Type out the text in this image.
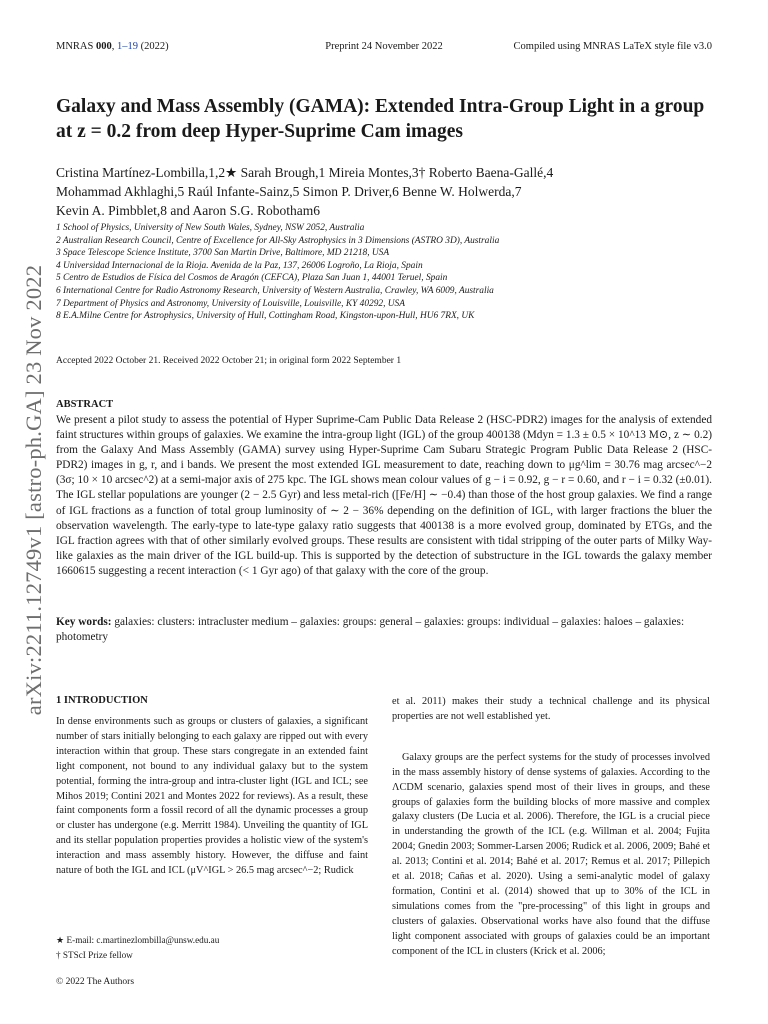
MNRAS 000, 1–19 (2022)	Preprint 24 November 2022	Compiled using MNRAS LaTeX style file v3.0
arXiv:2211.12749v1 [astro-ph.GA] 23 Nov 2022
Galaxy and Mass Assembly (GAMA): Extended Intra-Group Light in a group at z = 0.2 from deep Hyper-Suprime Cam images
Cristina Martínez-Lombilla,1,2★ Sarah Brough,1 Mireia Montes,3† Roberto Baena-Gallé,4
Mohammad Akhlaghi,5 Raúl Infante-Sainz,5 Simon P. Driver,6 Benne W. Holwerda,7
Kevin A. Pimbblet,8 and Aaron S.G. Robotham6
1 School of Physics, University of New South Wales, Sydney, NSW 2052, Australia
2 Australian Research Council, Centre of Excellence for All-Sky Astrophysics in 3 Dimensions (ASTRO 3D), Australia
3 Space Telescope Science Institute, 3700 San Martin Drive, Baltimore, MD 21218, USA
4 Universidad Internacional de la Rioja. Avenida de la Paz, 137, 26006 Logroño, La Rioja, Spain
5 Centro de Estudios de Física del Cosmos de Aragón (CEFCA), Plaza San Juan 1, 44001 Teruel, Spain
6 International Centre for Radio Astronomy Research, University of Western Australia, Crawley, WA 6009, Australia
7 Department of Physics and Astronomy, University of Louisville, Louisville, KY 40292, USA
8 E.A.Milne Centre for Astrophysics, University of Hull, Cottingham Road, Kingston-upon-Hull, HU6 7RX, UK
Accepted 2022 October 21. Received 2022 October 21; in original form 2022 September 1
ABSTRACT

We present a pilot study to assess the potential of Hyper Suprime-Cam Public Data Release 2 (HSC-PDR2) images for the analysis of extended faint structures within groups of galaxies. We examine the intra-group light (IGL) of the group 400138 (Mdyn = 1.3 ± 0.5 × 10^13 M⊙, z ∼ 0.2) from the Galaxy And Mass Assembly (GAMA) survey using Hyper-Suprime Cam Subaru Strategic Program Public Data Release 2 (HSC-PDR2) images in g, r, and i bands. We present the most extended IGL measurement to date, reaching down to μg^lim = 30.76 mag arcsec^−2 (3σ; 10 × 10 arcsec^2) at a semi-major axis of 275 kpc. The IGL shows mean colour values of g − i = 0.92, g − r = 0.60, and r − i = 0.32 (±0.01). The IGL stellar populations are younger (2 − 2.5 Gyr) and less metal-rich ([Fe/H] ∼ −0.4) than those of the host group galaxies. We find a range of IGL fractions as a function of total group luminosity of ∼ 2 − 36% depending on the definition of IGL, with larger fractions the bluer the observation wavelength. The early-type to late-type galaxy ratio suggests that 400138 is a more evolved group, dominated by ETGs, and the IGL fraction agrees with that of other similarly evolved groups. These results are consistent with tidal stripping of the outer parts of Milky Way-like galaxies as the main driver of the IGL build-up. This is supported by the detection of substructure in the IGL towards the galaxy member 1660615 suggesting a recent interaction (< 1 Gyr ago) of that galaxy with the core of the group.

Key words: galaxies: clusters: intracluster medium – galaxies: groups: general – galaxies: groups: individual – galaxies: haloes – galaxies: photometry
1 INTRODUCTION

In dense environments such as groups or clusters of galaxies, a significant number of stars initially belonging to each galaxy are ripped out with every interaction within that group. These stars congregate in an extended faint light component, not bound to any individual galaxy but to the system potential, forming the intra-group and intra-cluster light (IGL and ICL; see Mihos 2019; Contini 2021 and Montes 2022 for reviews). As a result, these faint components form a fossil record of all the dynamic processes a group or cluster has undergone (e.g. Merritt 1984). Unveiling the quantity of IGL and its stellar population properties provides a holistic view of the system's interaction and mass assembly history. However, the diffuse and faint nature of both the IGL and ICL (μV^IGL > 26.5 mag arcsec^−2; Rudick

et al. 2011) makes their study a technical challenge and its physical properties are not well established yet.

Galaxy groups are the perfect systems for the study of processes involved in the mass assembly history of dense systems of galaxies. According to the ΛCDM scenario, galaxies spend most of their lives in groups, and these groups of galaxies form the building blocks of more massive and complex galaxy clusters (De Lucia et al. 2006). Therefore, the IGL is a crucial piece in understanding the growth of the ICL (e.g. Willman et al. 2004; Fujita 2004; Gnedin 2003; Sommer-Larsen 2006; Rudick et al. 2006, 2009; Bahé et al. 2013; Contini et al. 2014; Bahé et al. 2017; Remus et al. 2017; Pillepich et al. 2018; Cañas et al. 2020). Using a semi-analytic model of galaxy formation, Contini et al. (2014) showed that up to 30% of the ICL in simulations comes from the "pre-processing" of this light in groups and clusters of galaxies. Observational works have also found that the diffuse light component associated with groups of galaxies could be an important component of the ICL in clusters (Krick et al. 2006;

★ E-mail: c.martinezlombilla@unsw.edu.au
† STScI Prize fellow
© 2022 The Authors
